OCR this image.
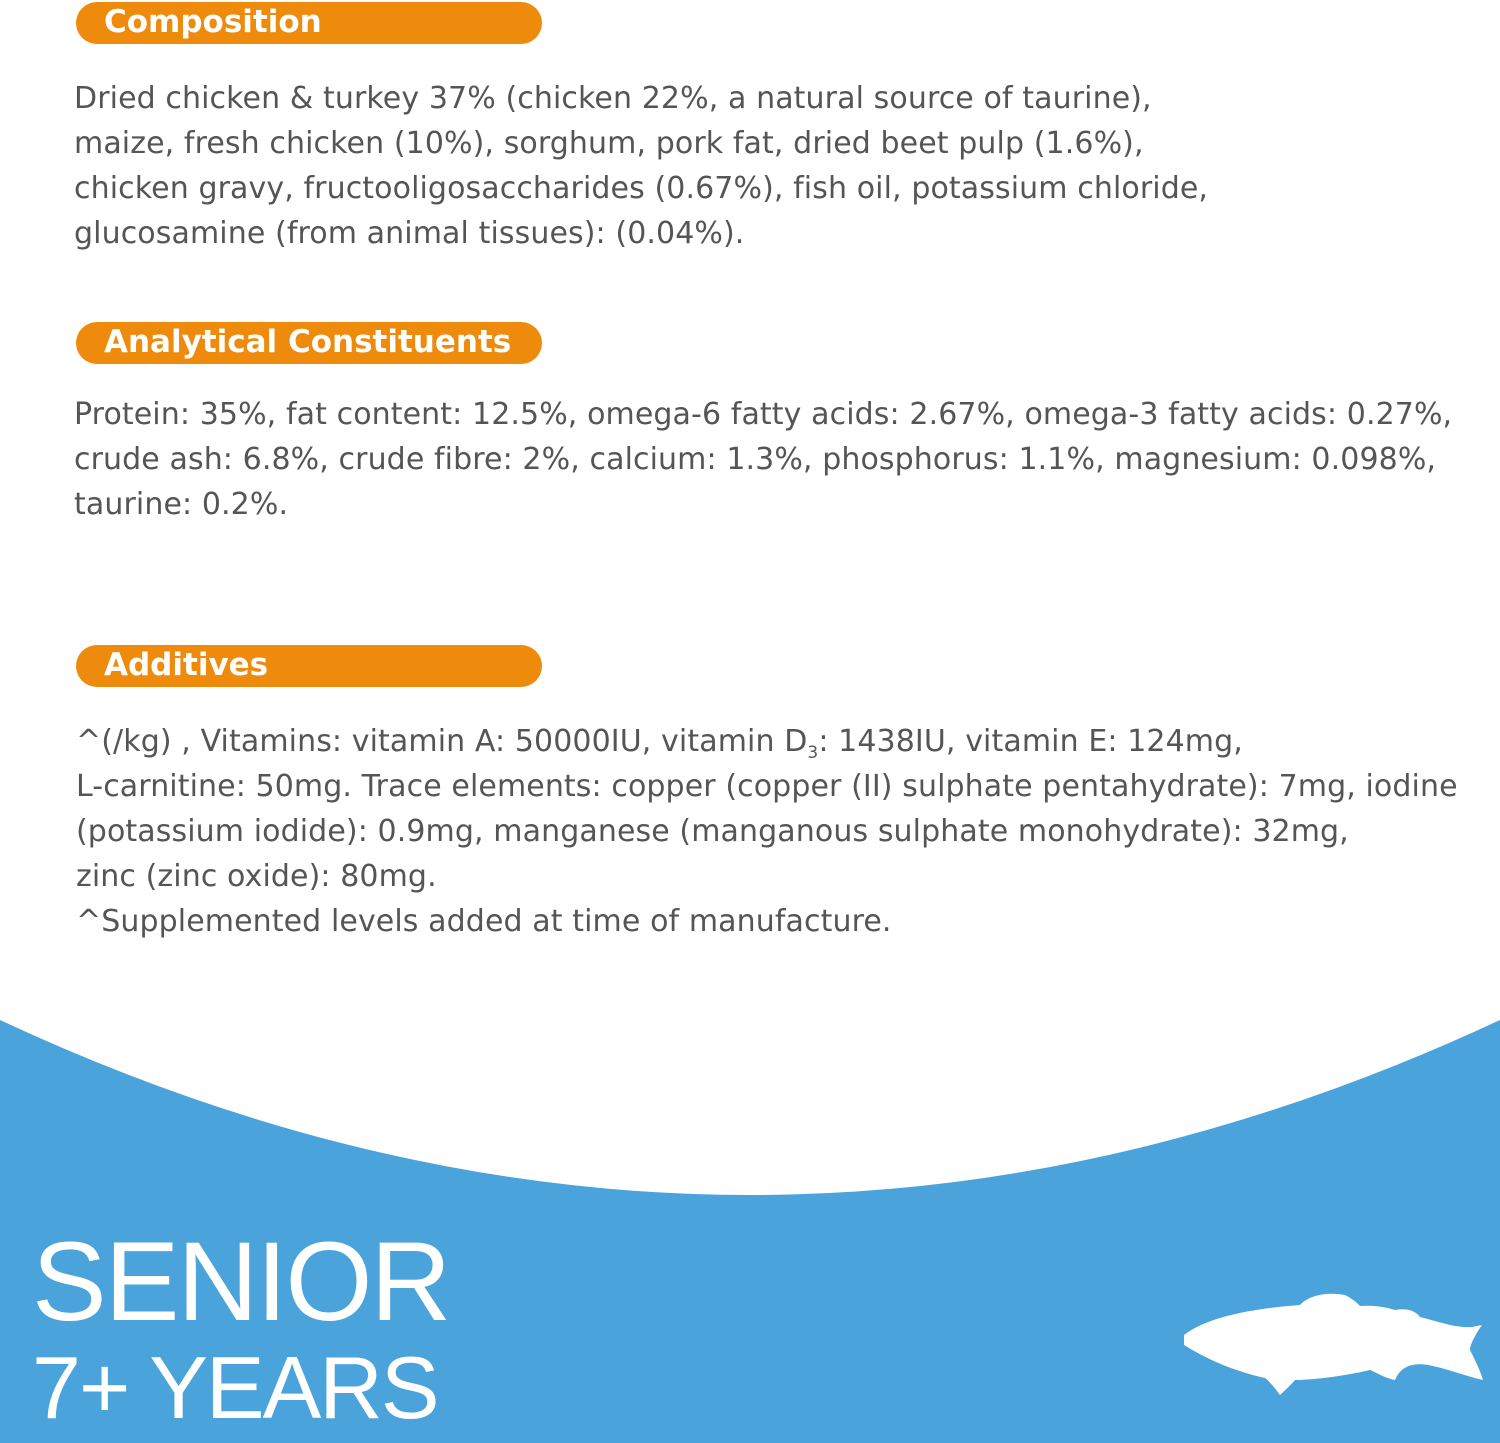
Composition
Dried chicken & turkey 37% (chicken 22%, a natural source of taurine),
maize, fresh chicken (10%), sorghum, pork fat, dried beet pulp (1.6%),
chicken gravy, fructooligosaccharides (0.67%), fish oil, potassium chloride,
glucosamine (from animal tissues): (0.04%).
Analytical Constituents
Protein: 35%, fat content: 12.5%, omega-6 fatty acids: 2.67%, omega-3 fatty acids: 0.27%,
crude ash: 6.8%, crude fibre: 2%, calcium: 1.3%, phosphorus: 1.1%, magnesium: 0.098%,
taurine: 0.2%.
Additives
^(/kg) , Vitamins: vitamin A: 50000IU, vitamin $D_3$: 1438IU, vitamin E: 124mg,
L-carnitine: 50mg. Trace elements: copper (copper (II) sulphate pentahydrate): 7mg, iodine
(potassium iodide): 0.9mg, manganese (manganous sulphate monohydrate): 32mg,
zinc (zinc oxide): 80mg.
^Supplemented levels added at time of manufacture.
SENIOR
7+ YEARS
